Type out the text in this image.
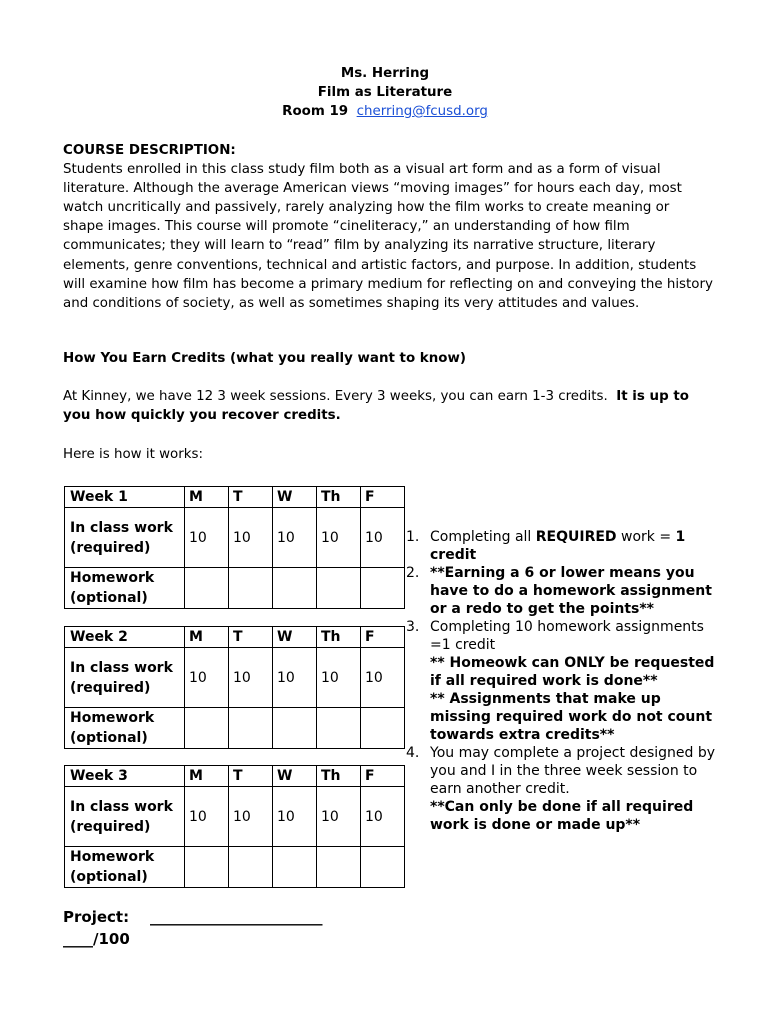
Ms. Herring
Film as Literature
Room 19 cherring@fcusd.org
COURSE DESCRIPTION:
Students enrolled in this class study film both as a visual art form and as a form of visual literature. Although the average American views “moving images” for hours each day, most watch uncritically and passively, rarely analyzing how the film works to create meaning or shape images. This course will promote “cineliteracy,” an understanding of how film communicates; they will learn to “read” film by analyzing its narrative structure, literary elements, genre conventions, technical and artistic factors, and purpose. In addition, students will examine how film has become a primary medium for reflecting on and conveying the history and conditions of society, as well as sometimes shaping its very attitudes and values.
How You Earn Credits (what you really want to know)
At Kinney, we have 12 3 week sessions. Every 3 weeks, you can earn 1-3 credits. It is up to you how quickly you recover credits.
Here is how it works:
Week 1	M	T	W	Th	F
In class work (required)	10	10	10	10	10
Homework (optional)					
Week 2	M	T	W	Th	F
In class work (required)	10	10	10	10	10
Homework (optional)					
Week 3	M	T	W	Th	F
In class work (required)	10	10	10	10	10
Homework (optional)					
1. Completing all REQUIRED work = 1 credit
2. **Earning a 6 or lower means you have to do a homework assignment or a redo to get the points**
3. Completing 10 homework assignments =1 credit
** Homeowk can ONLY be requested if all required work is done**
** Assignments that make up missing required work do not count towards extra credits**
4. You may complete a project designed by you and I in the three week session to earn another credit.
**Can only be done if all required work is done or made up**
Project: _______________________
____/100
